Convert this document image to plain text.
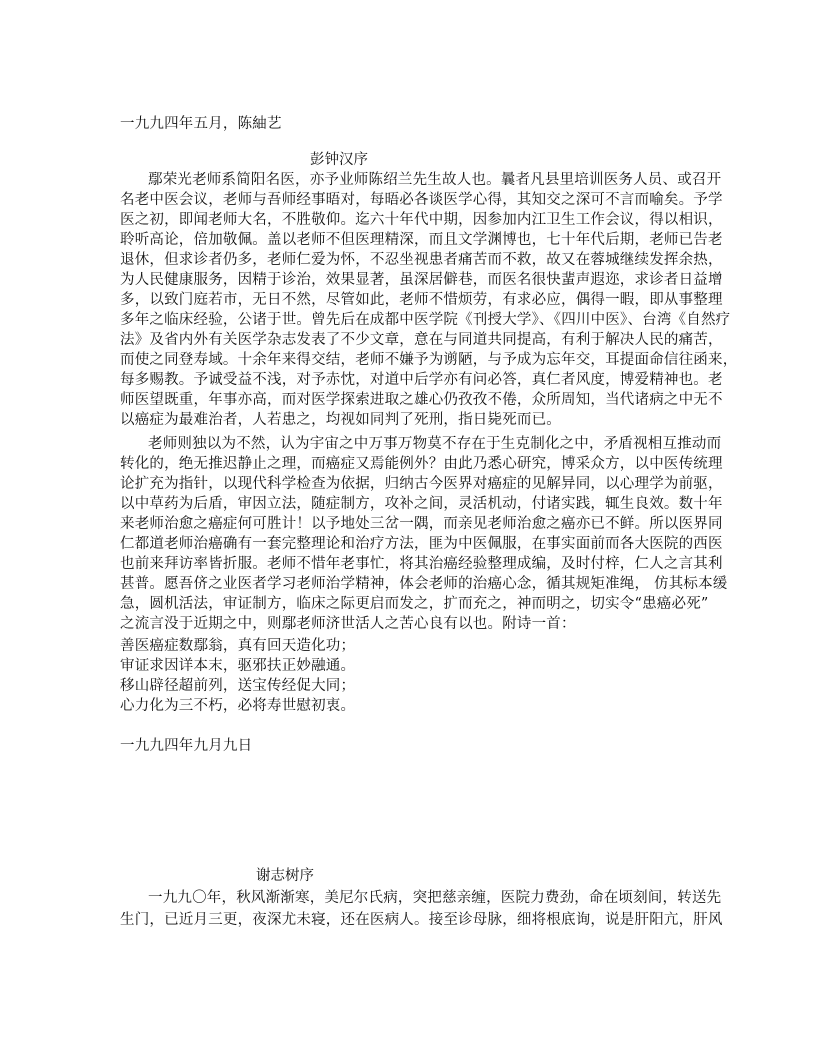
一九九四年五月，陈紬艺
彭钟汉序
鄢荣光老师系简阳名医，亦予业师陈绍兰先生故人也。曩者凡县里培训医务人员、或召开
名老中医会议，老师与吾师经事晤对，每晤必各谈医学心得，其知交之深可不言而喻矣。予学
医之初，即闻老师大名，不胜敬仰。迄六十年代中期，因参加内江卫生工作会议，得以相识，
聆听高论，倍加敬佩。盖以老师不但医理精深，而且文学渊博也，七十年代后期，老师已告老
退休，但求诊者仍多，老师仁爱为怀，不忍坐视患者痛苦而不救，故又在蓉城继续发挥余热，
为人民健康服务，因精于诊治，效果显著，虽深居僻巷，而医名很快蜚声遐迩，求诊者日益增
多，以致门庭若市，无日不然，尽管如此，老师不惜烦劳，有求必应，偶得一暇，即从事整理
多年之临床经验，公诸于世。曾先后在成都中医学院《刊授大学》、《四川中医》、台湾《自然疗
法》及省内外有关医学杂志发表了不少文章，意在与同道共同提高，有利于解决人民的痛苦，
而使之同登寿域。十余年来得交结，老师不嫌予为谫陋，与予成为忘年交，耳提面命信往函来，
每多赐教。予诚受益不浅，对予赤忱，对道中后学亦有问必答，真仁者风度，博爱精神也。老
师医望既重，年事亦高，而对医学探索进取之雄心仍孜孜不倦，众所周知，当代诸病之中无不
以癌症为最难治者，人若患之，均视如同判了死刑，指日毙死而已。
老师则独以为不然，认为宇宙之中万事万物莫不存在于生克制化之中，矛盾视相互推动而
转化的，绝无推迟静止之理，而癌症又焉能例外？由此乃悉心研究，博采众方，以中医传统理
论扩充为指针，以现代科学检查为依据，归纳古今医界对癌症的见解异同，以心理学为前驱，
以中草药为后盾，审因立法，随症制方，攻补之间，灵活机动，付诸实践，辄生良效。数十年
来老师治愈之癌症何可胜计！以予地处三岔一隅，而亲见老师治愈之癌亦已不鲜。所以医界同
仁都道老师治癌确有一套完整理论和治疗方法，匪为中医佩服，在事实面前而各大医院的西医
也前来拜访率皆折服。老师不惜年老事忙，将其治癌经验整理成编，及时付梓，仁人之言其利
甚普。愿吾侪之业医者学习老师治学精神，体会老师的治癌心念，循其规矩准绳， 仿其标本缓
急，圆机活法，审证制方，临床之际更启而发之，扩而充之，神而明之，切实令“患癌必死”
之流言没于近期之中，则鄢老师济世活人之苦心良有以也。附诗一首：
善医癌症数鄢翁，真有回天造化功；
审证求因详本末，驱邪扶正妙融通。
移山辟径超前列，送宝传经促大同；
心力化为三不朽，必将寿世慰初衷。
一九九四年九月九日
谢志树序
一九九〇年，秋风渐渐寒，美尼尔氏病，突把慈亲缠，医院力费劲，命在顷刻间，转送先
生门，已近月三更，夜深尤未寝，还在医病人。接至诊母脉，细将根底询，说是肝阳亢，肝风
